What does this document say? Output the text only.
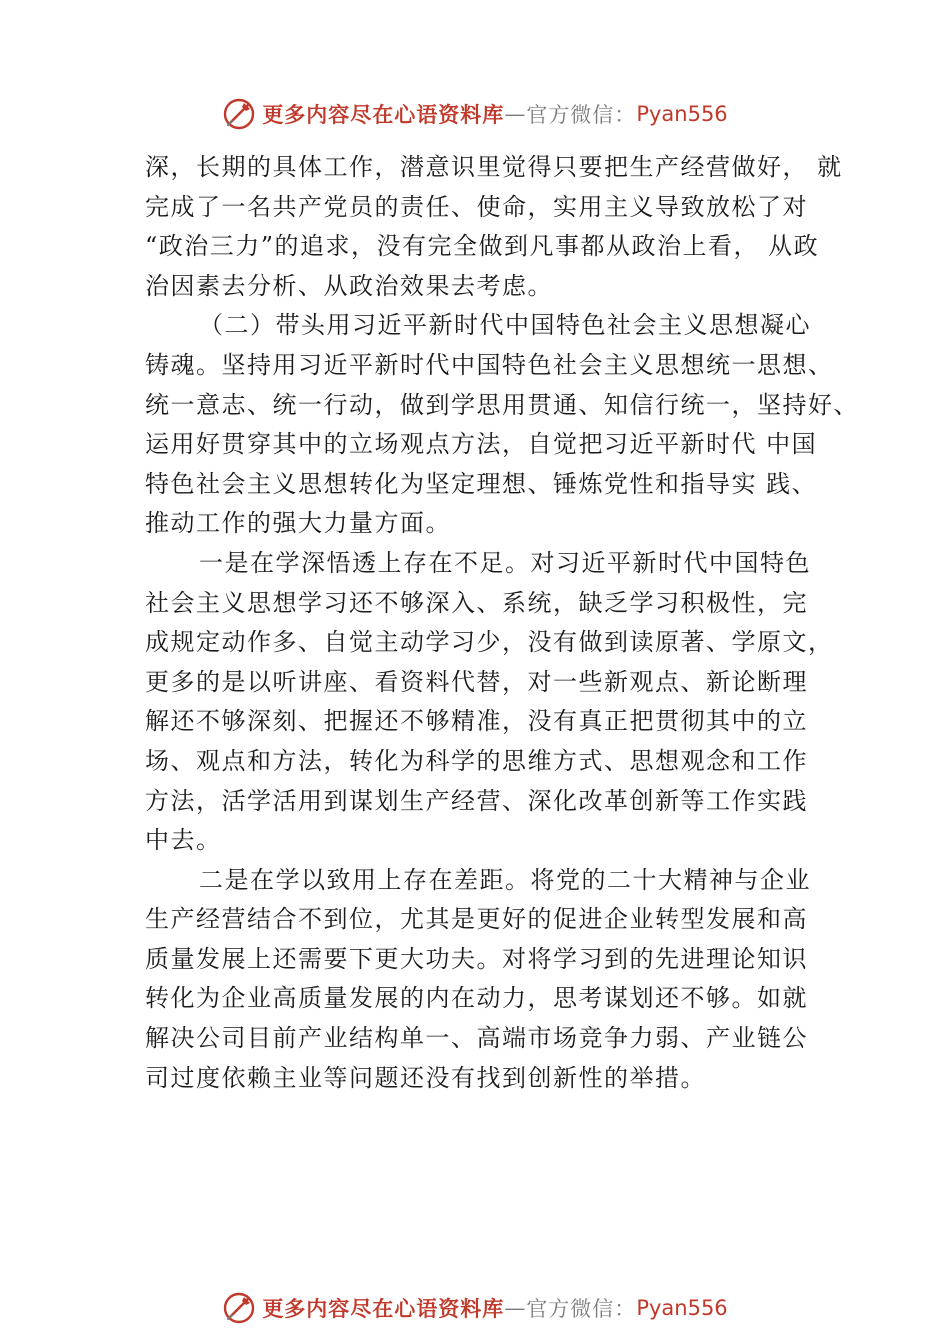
更多内容尽在心语资料库 — 官方微信： Pyan556

深，长期的具体工作，潜意识里觉得只要把生产经营做好， 就
完成了一名共产党员的责任、使命，实用主义导致放松了对
“政治三力”的追求，没有完全做到凡事都从政治上看， 从政
治因素去分析、从政治效果去考虑。

（二）带头用习近平新时代中国特色社会主义思想凝心
铸魂。坚持用习近平新时代中国特色社会主义思想统一思想、
统一意志、统一行动，做到学思用贯通、知信行统一，坚持好、
运用好贯穿其中的立场观点方法，自觉把习近平新时代 中国
特色社会主义思想转化为坚定理想、锤炼党性和指导实 践、
推动工作的强大力量方面。

一是在学深悟透上存在不足。对习近平新时代中国特色
社会主义思想学习还不够深入、系统，缺乏学习积极性，完
成规定动作多、自觉主动学习少，没有做到读原著、学原文，
更多的是以听讲座、看资料代替，对一些新观点、新论断理
解还不够深刻、把握还不够精准，没有真正把贯彻其中的立
场、观点和方法，转化为科学的思维方式、思想观念和工作
方法，活学活用到谋划生产经营、深化改革创新等工作实践
中去。

二是在学以致用上存在差距。将党的二十大精神与企业
生产经营结合不到位，尤其是更好的促进企业转型发展和高
质量发展上还需要下更大功夫。对将学习到的先进理论知识
转化为企业高质量发展的内在动力，思考谋划还不够。如就
解决公司目前产业结构单一、高端市场竞争力弱、产业链公
司过度依赖主业等问题还没有找到创新性的举措。

更多内容尽在心语资料库 — 官方微信： Pyan556
